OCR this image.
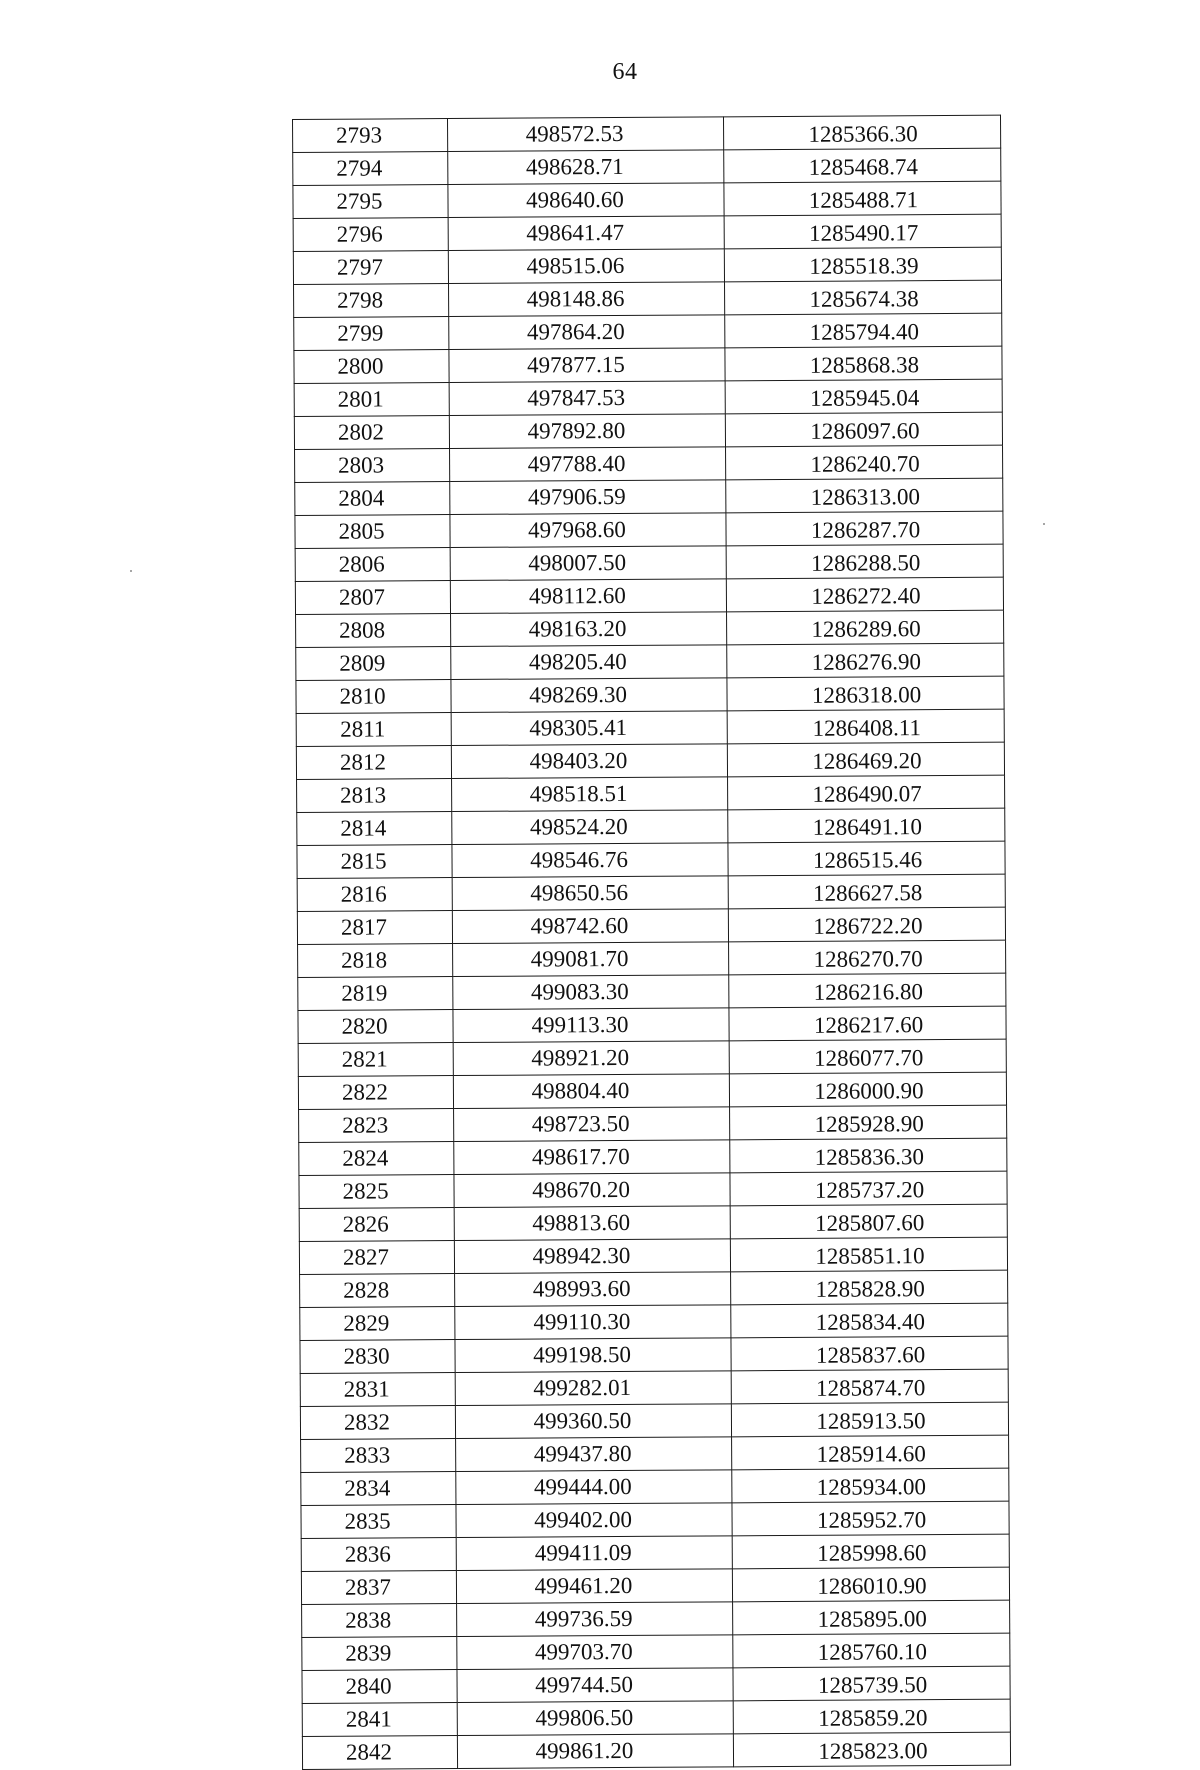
64
2793	498572.53	1285366.30
2794	498628.71	1285468.74
2795	498640.60	1285488.71
2796	498641.47	1285490.17
2797	498515.06	1285518.39
2798	498148.86	1285674.38
2799	497864.20	1285794.40
2800	497877.15	1285868.38
2801	497847.53	1285945.04
2802	497892.80	1286097.60
2803	497788.40	1286240.70
2804	497906.59	1286313.00
2805	497968.60	1286287.70
2806	498007.50	1286288.50
2807	498112.60	1286272.40
2808	498163.20	1286289.60
2809	498205.40	1286276.90
2810	498269.30	1286318.00
2811	498305.41	1286408.11
2812	498403.20	1286469.20
2813	498518.51	1286490.07
2814	498524.20	1286491.10
2815	498546.76	1286515.46
2816	498650.56	1286627.58
2817	498742.60	1286722.20
2818	499081.70	1286270.70
2819	499083.30	1286216.80
2820	499113.30	1286217.60
2821	498921.20	1286077.70
2822	498804.40	1286000.90
2823	498723.50	1285928.90
2824	498617.70	1285836.30
2825	498670.20	1285737.20
2826	498813.60	1285807.60
2827	498942.30	1285851.10
2828	498993.60	1285828.90
2829	499110.30	1285834.40
2830	499198.50	1285837.60
2831	499282.01	1285874.70
2832	499360.50	1285913.50
2833	499437.80	1285914.60
2834	499444.00	1285934.00
2835	499402.00	1285952.70
2836	499411.09	1285998.60
2837	499461.20	1286010.90
2838	499736.59	1285895.00
2839	499703.70	1285760.10
2840	499744.50	1285739.50
2841	499806.50	1285859.20
2842	499861.20	1285823.00
